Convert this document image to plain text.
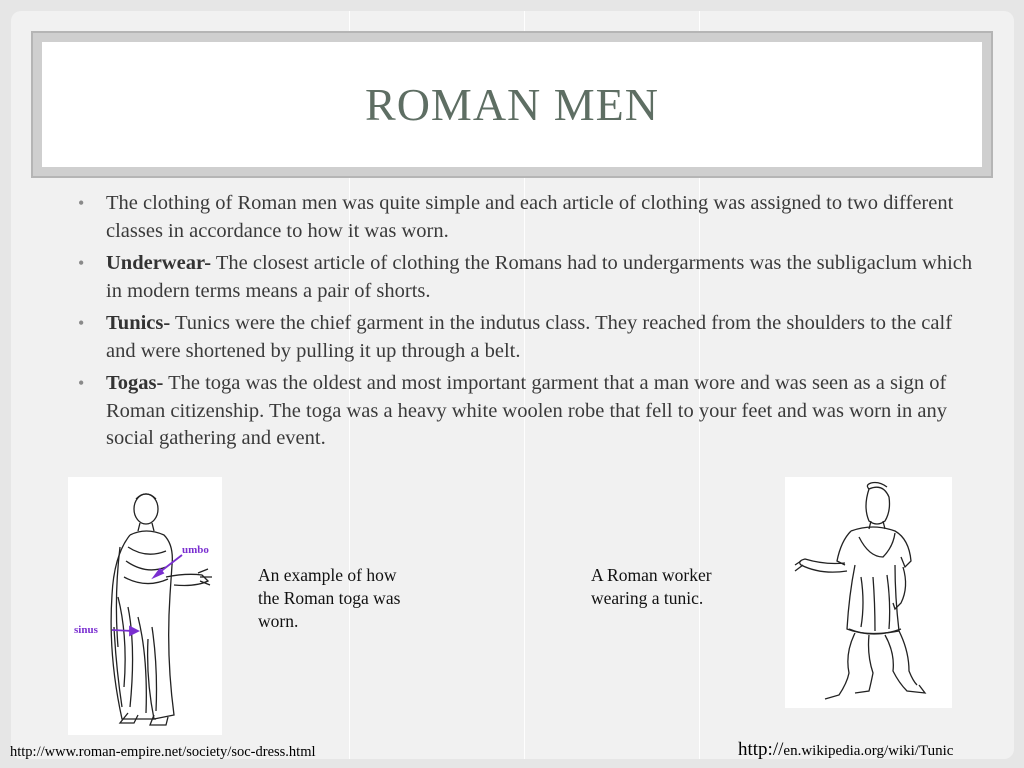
ROMAN MEN
• The clothing of Roman men was quite simple and each article of clothing was assigned to two different classes in accordance to how it was worn.
• Underwear- The closest article of clothing the Romans had to undergarments was the subligaclum which in modern terms means a pair of shorts.
• Tunics- Tunics were the chief garment in the indutus class. They reached from the shoulders to the calf and were shortened by pulling it up through a belt.
• Togas- The toga was the oldest and most important garment that a man wore and was seen as a sign of Roman citizenship. The toga was a heavy white woolen robe that fell to your feet and was worn in any social gathering and event.
umbo
sinus
An example of how the Roman toga was worn.
A Roman worker wearing a tunic.
http://www.roman-empire.net/society/soc-dress.html	http://en.wikipedia.org/wiki/Tunic
